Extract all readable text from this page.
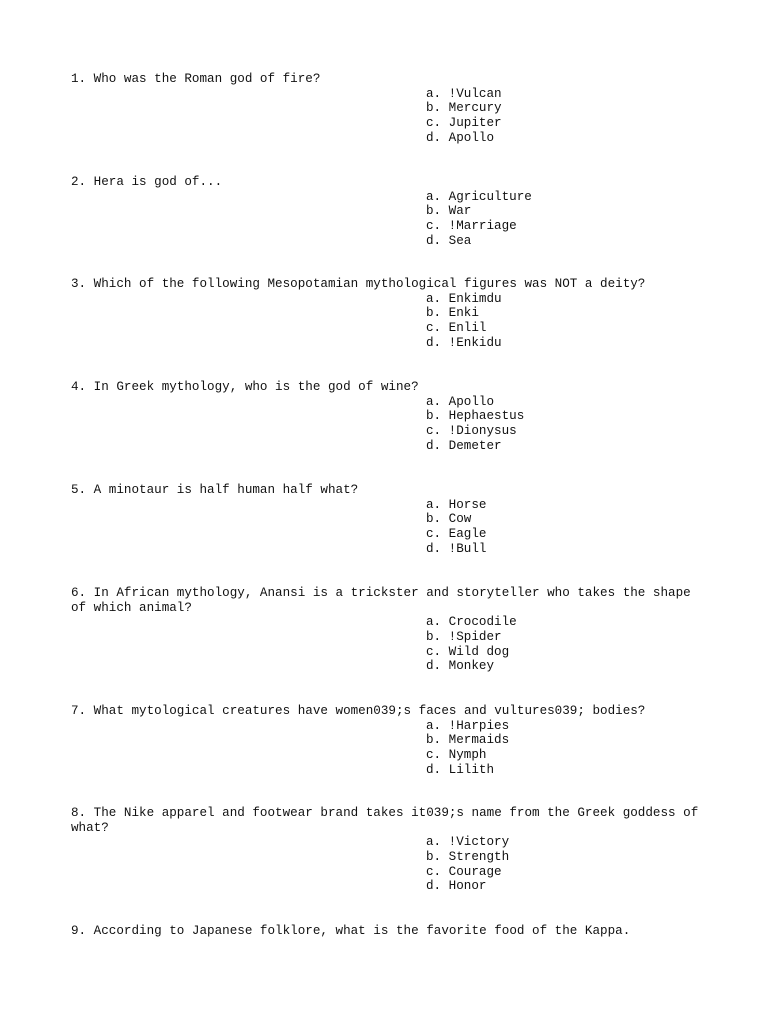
1. Who was the Roman god of fire?
a. !Vulcan
b. Mercury
c. Jupiter
d. Apollo
2. Hera is god of...
a. Agriculture
b. War
c. !Marriage
d. Sea
3. Which of the following Mesopotamian mythological figures was NOT a deity?
a. Enkimdu
b. Enki
c. Enlil
d. !Enkidu
4. In Greek mythology, who is the god of wine?
a. Apollo
b. Hephaestus
c. !Dionysus
d. Demeter
5. A minotaur is half human half what?
a. Horse
b. Cow
c. Eagle
d. !Bull
6. In African mythology, Anansi is a trickster and storyteller who takes the shape of which animal?
a. Crocodile
b. !Spider
c. Wild dog
d. Monkey
7. What mytological creatures have women039;s faces and vultures039; bodies?
a. !Harpies
b. Mermaids
c. Nymph
d. Lilith
8. The Nike apparel and footwear brand takes it039;s name from the Greek goddess of what?
a. !Victory
b. Strength
c. Courage
d. Honor
9. According to Japanese folklore, what is the favorite food of the Kappa.
